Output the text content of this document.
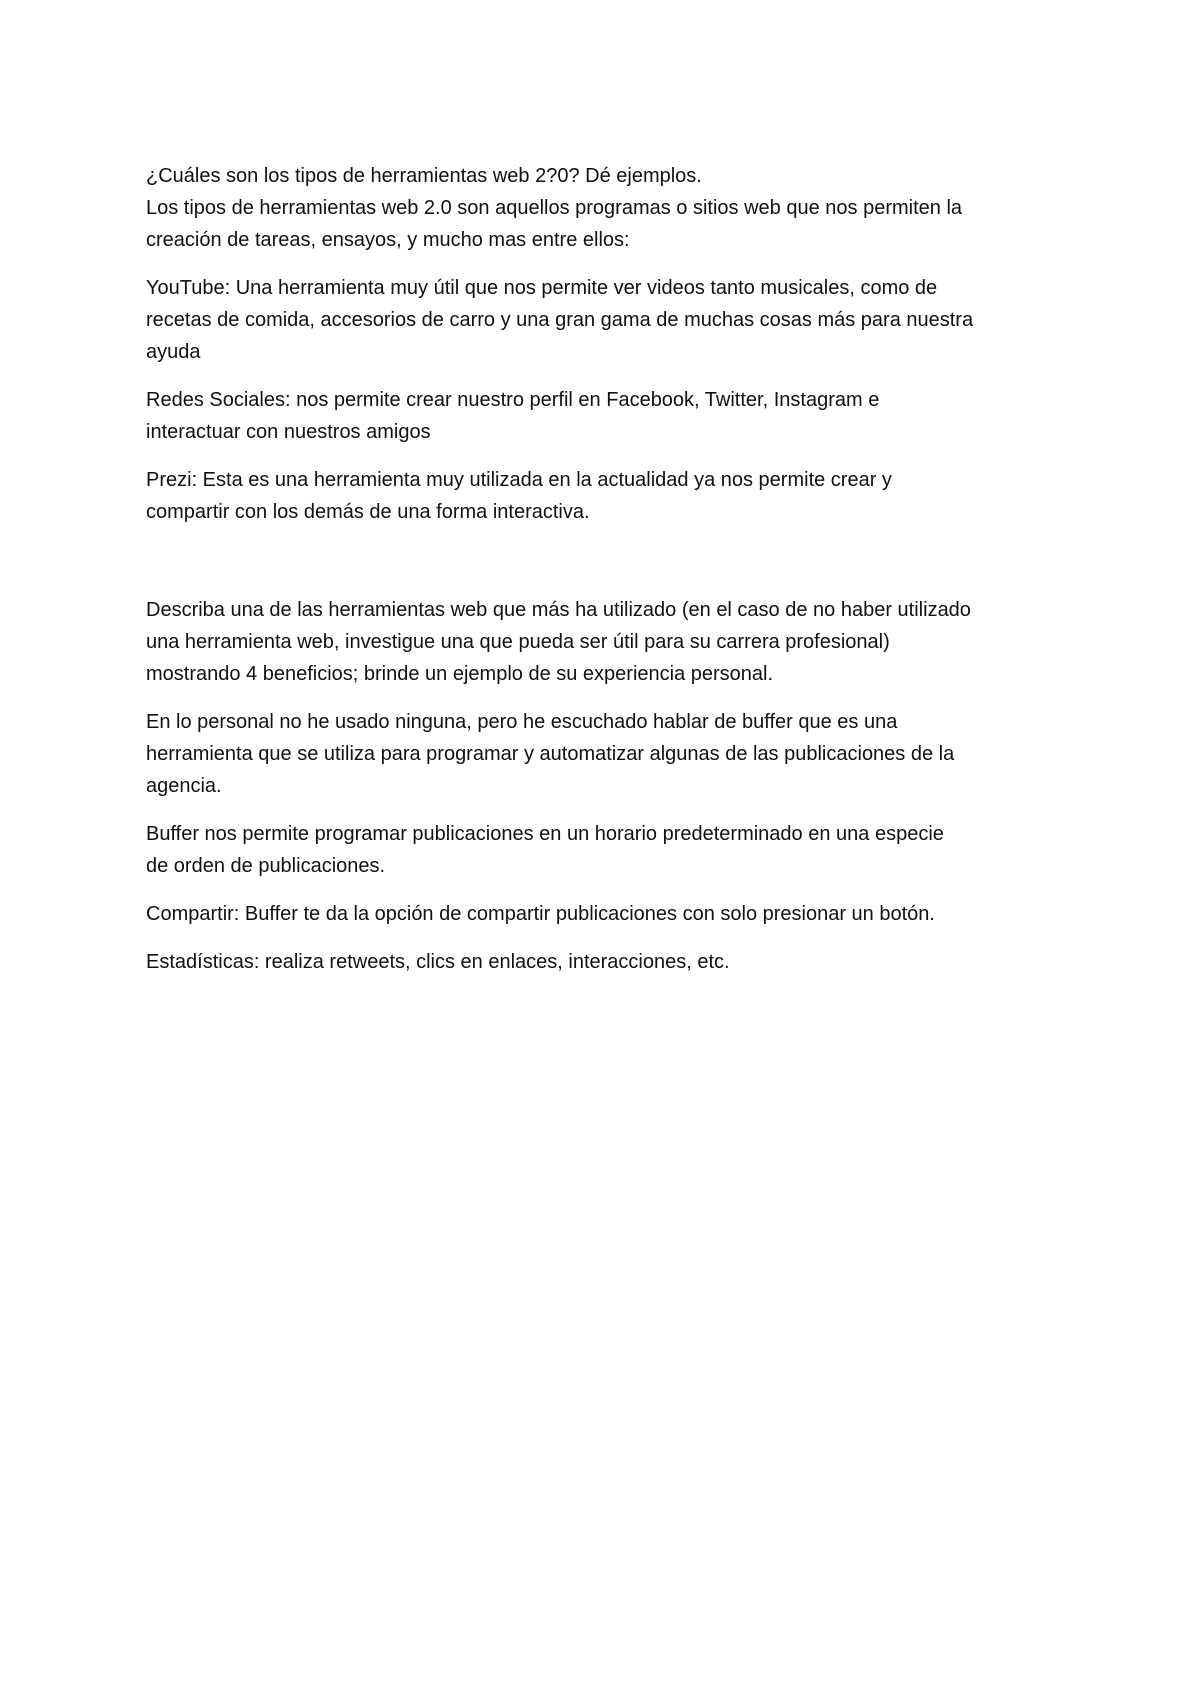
¿Cuáles son los tipos de herramientas web 2?0? Dé ejemplos.

Los tipos de herramientas web 2.0 son aquellos programas o sitios web que nos permiten la
creación de tareas, ensayos, y mucho mas entre ellos:

YouTube: Una herramienta muy útil que nos permite ver videos tanto musicales, como de
recetas de comida, accesorios de carro y una gran gama de muchas cosas más para nuestra
ayuda

Redes Sociales: nos permite crear nuestro perfil en Facebook, Twitter, Instagram e
interactuar con nuestros amigos

Prezi: Esta es una herramienta muy utilizada en la actualidad ya nos permite crear y
compartir con los demás de una forma interactiva.

Describa una de las herramientas web que más ha utilizado (en el caso de no haber utilizado
una herramienta web, investigue una que pueda ser útil para su carrera profesional)
mostrando 4 beneficios; brinde un ejemplo de su experiencia personal.

En lo personal no he usado ninguna, pero he escuchado hablar de buffer que es una
herramienta que se utiliza para programar y automatizar algunas de las publicaciones de la
agencia.

Buffer nos permite programar publicaciones en un horario predeterminado en una especie
de orden de publicaciones.

Compartir: Buffer te da la opción de compartir publicaciones con solo presionar un botón.

Estadísticas: realiza retweets, clics en enlaces, interacciones, etc.
